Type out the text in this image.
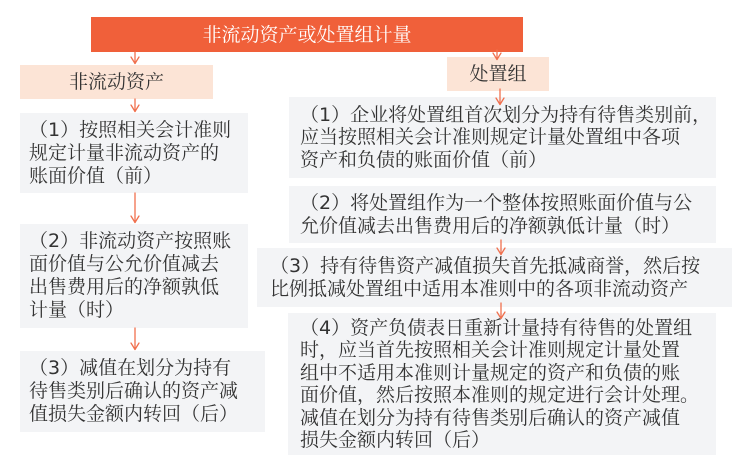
非流动资产或处置组计量
非流动资产	处置组
（1）按照相关会计准则
规定计量非流动资产的
账面价值（前）
（2）非流动资产按照账
面价值与公允价值减去
出售费用后的净额孰低
计量（时）
（3）减值在划分为持有
待售类别后确认的资产减
值损失金额内转回（后）
（1）企业将处置组首次划分为持有待售类别前，
应当按照相关会计准则规定计量处置组中各项
资产和负债的账面价值（前）
（2）将处置组作为一个整体按照账面价值与公
允价值减去出售费用后的净额孰低计量（时）
（3）持有待售资产减值损失首先抵减商誉，然后按
比例抵减处置组中适用本准则中的各项非流动资产
（4）资产负债表日重新计量持有待售的处置组
时，应当首先按照相关会计准则规定计量处置
组中不适用本准则计量规定的资产和负债的账
面价值，然后按照本准则的规定进行会计处理。
减值在划分为持有待售类别后确认的资产减值
损失金额内转回（后）
